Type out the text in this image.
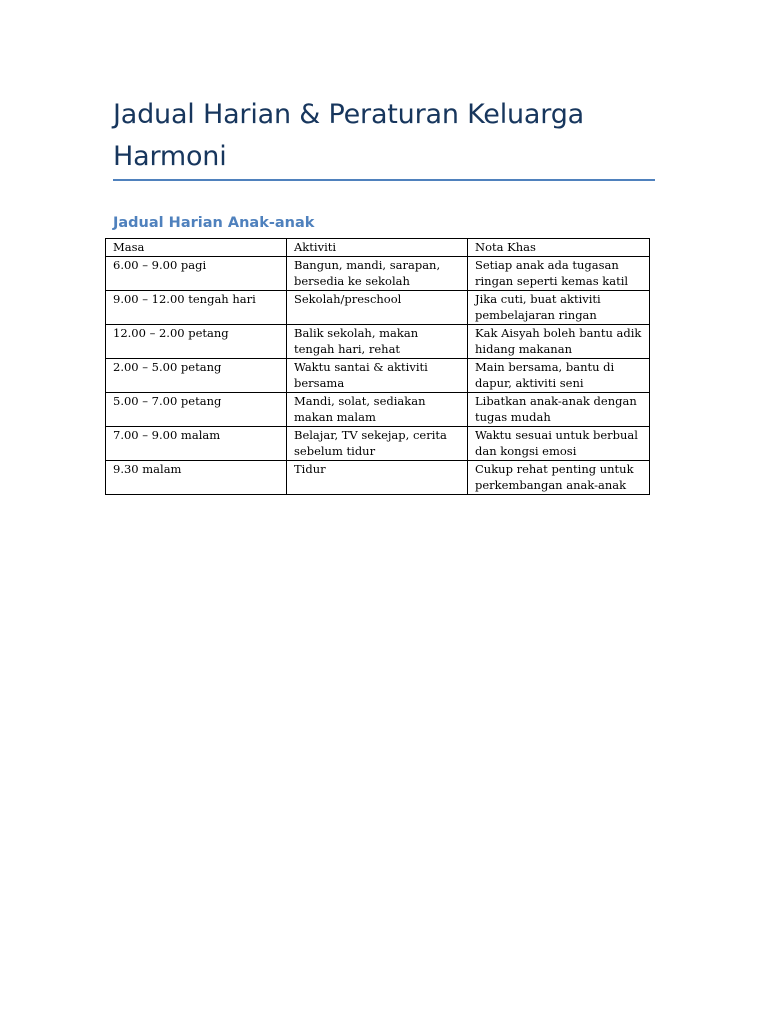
Jadual Harian & Peraturan Keluarga Harmoni
Jadual Harian Anak-anak
Masa	Aktiviti	Nota Khas
6.00 – 9.00 pagi	Bangun, mandi, sarapan, bersedia ke sekolah	Setiap anak ada tugasan ringan seperti kemas katil
9.00 – 12.00 tengah hari	Sekolah/preschool	Jika cuti, buat aktiviti pembelajaran ringan
12.00 – 2.00 petang	Balik sekolah, makan tengah hari, rehat	Kak Aisyah boleh bantu adik hidang makanan
2.00 – 5.00 petang	Waktu santai & aktiviti bersama	Main bersama, bantu di dapur, aktiviti seni
5.00 – 7.00 petang	Mandi, solat, sediakan makan malam	Libatkan anak-anak dengan tugas mudah
7.00 – 9.00 malam	Belajar, TV sekejap, cerita sebelum tidur	Waktu sesuai untuk berbual dan kongsi emosi
9.30 malam	Tidur	Cukup rehat penting untuk perkembangan anak-anak
